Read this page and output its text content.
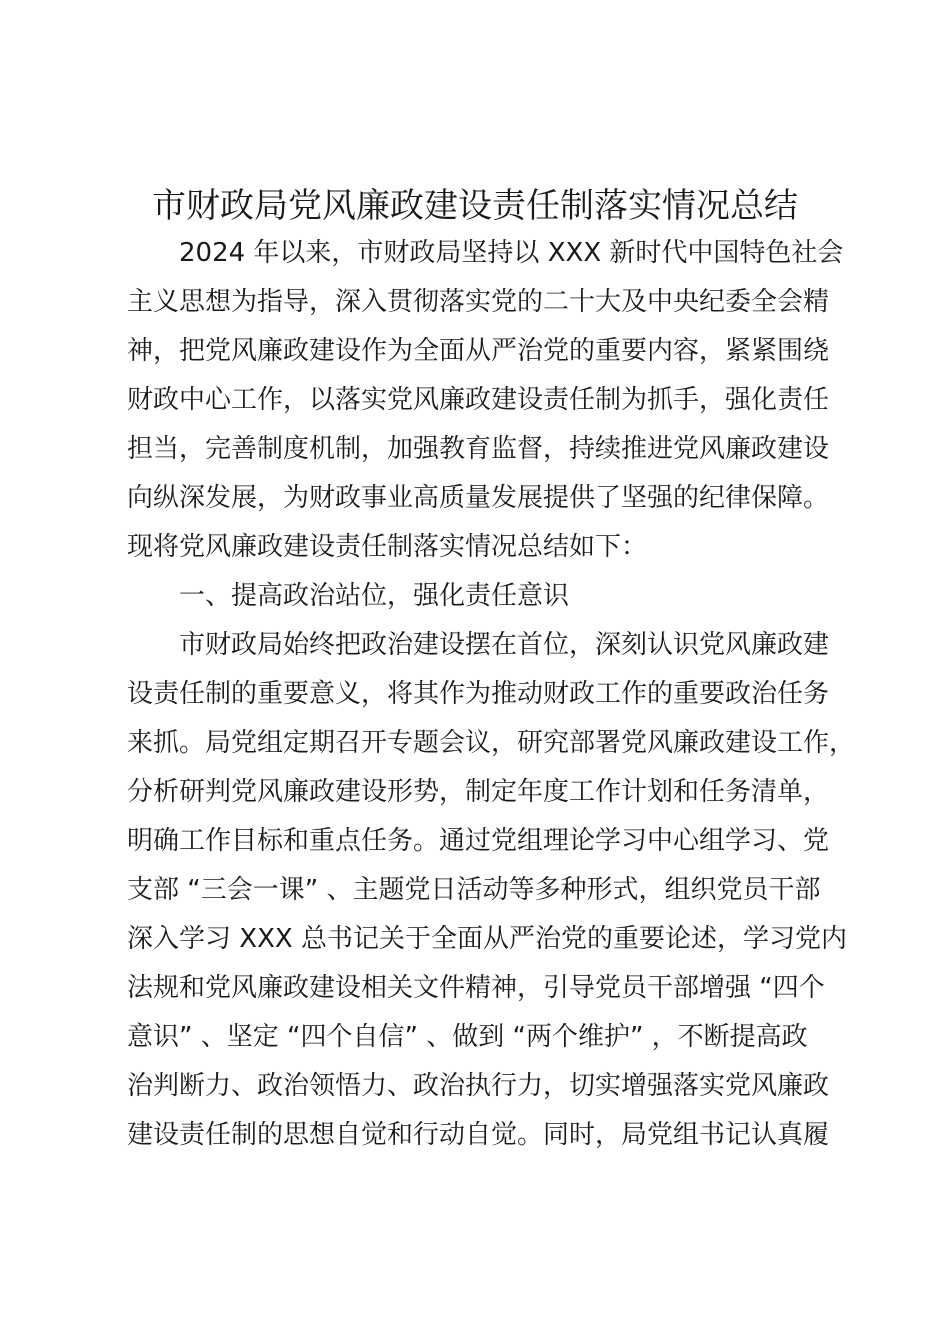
市财政局党风廉政建设责任制落实情况总结
2024 年以来，市财政局坚持以 XXX 新时代中国特色社会
主义思想为指导，深入贯彻落实党的二十大及中央纪委全会精
神，把党风廉政建设作为全面从严治党的重要内容，紧紧围绕
财政中心工作，以落实党风廉政建设责任制为抓手，强化责任
担当，完善制度机制，加强教育监督，持续推进党风廉政建设
向纵深发展，为财政事业高质量发展提供了坚强的纪律保障。
现将党风廉政建设责任制落实情况总结如下：
一、提高政治站位，强化责任意识
市财政局始终把政治建设摆在首位，深刻认识党风廉政建
设责任制的重要意义，将其作为推动财政工作的重要政治任务
来抓。局党组定期召开专题会议，研究部署党风廉政建设工作，
分析研判党风廉政建设形势，制定年度工作计划和任务清单，
明确工作目标和重点任务。通过党组理论学习中心组学习、党
支部 “三会一课” 、主题党日活动等多种形式，组织党员干部
深入学习 XXX 总书记关于全面从严治党的重要论述，学习党内
法规和党风廉政建设相关文件精神，引导党员干部增强 “四个
意识” 、坚定 “四个自信” 、做到 “两个维护” ，不断提高政
治判断力、政治领悟力、政治执行力，切实增强落实党风廉政
建设责任制的思想自觉和行动自觉。同时，局党组书记认真履
